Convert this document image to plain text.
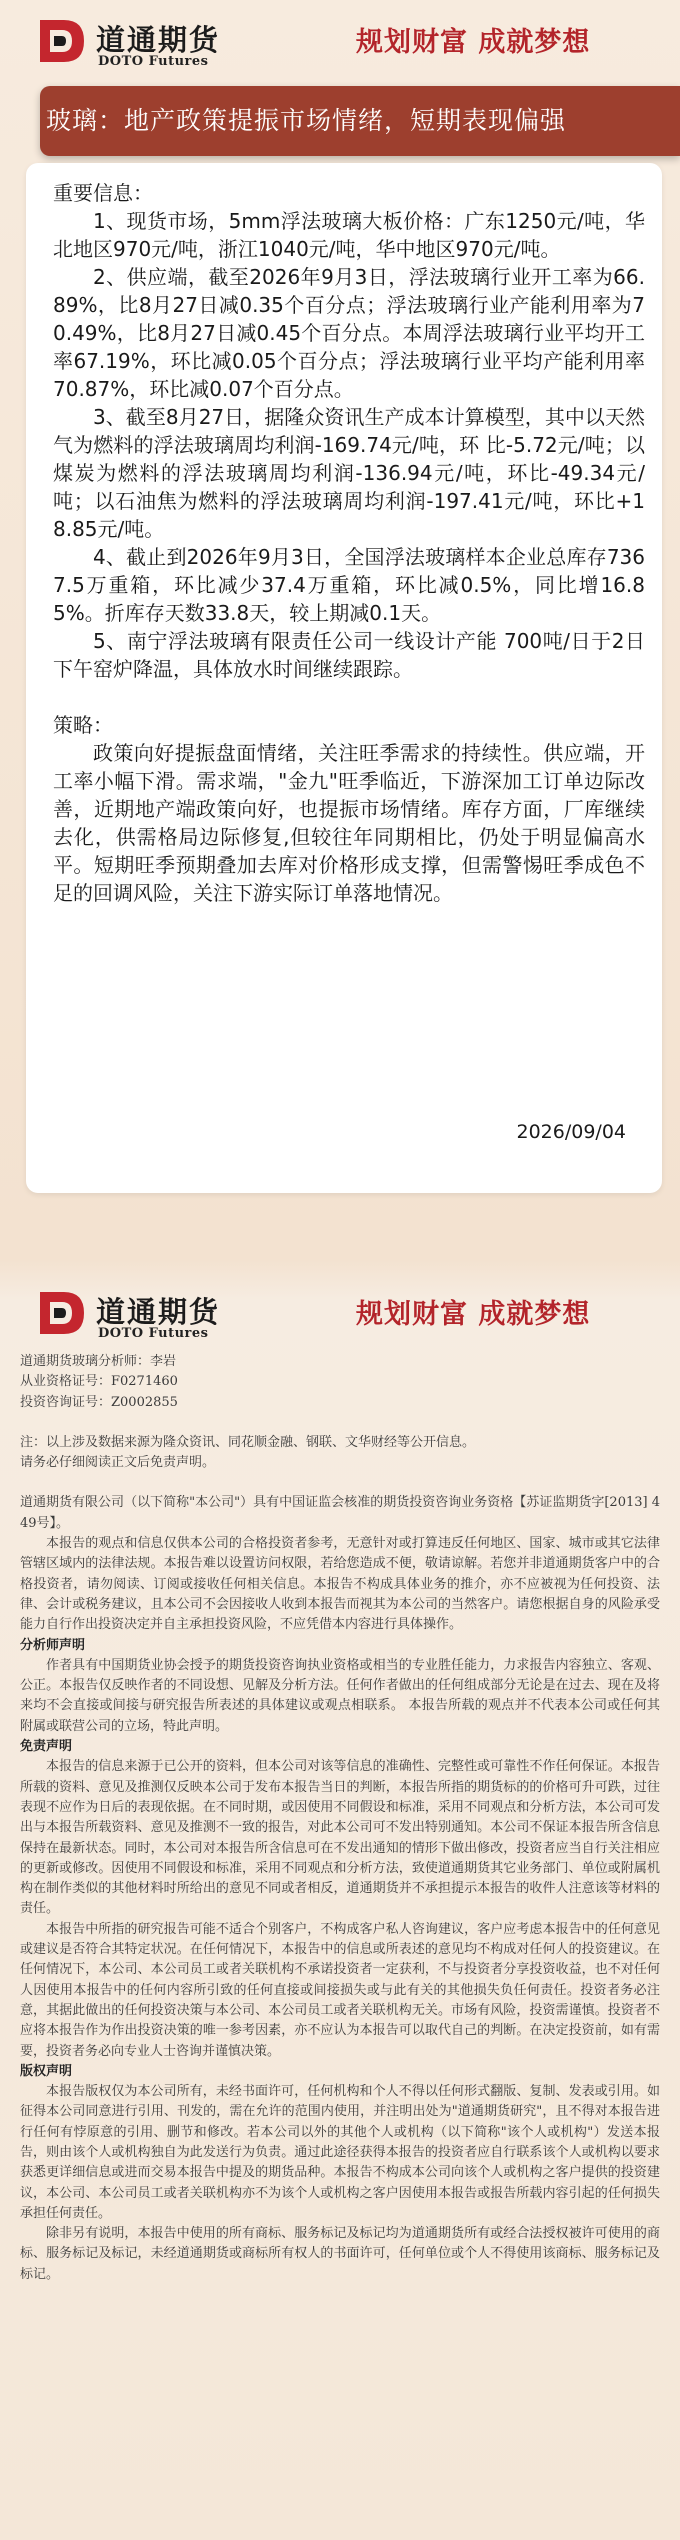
道通期货
DOTO Futures
规划财富 成就梦想
玻璃：地产政策提振市场情绪，短期表现偏强
重要信息：

1、现货市场，5mm浮法玻璃大板价格：广东1250元/吨，华北地区970元/吨，浙江1040元/吨，华中地区970元/吨。

2、供应端，截至2026年9月3日，浮法玻璃行业开工率为66.89%，比8月27日减0.35个百分点；浮法玻璃行业产能利用率为70.49%，比8月27日减0.45个百分点。本周浮法玻璃行业平均开工率67.19%，环比减0.05个百分点；浮法玻璃行业平均产能利用率70.87%，环比减0.07个百分点。

3、截至8月27日，据隆众资讯生产成本计算模型，其中以天然气为燃料的浮法玻璃周均利润-169.74元/吨，环 比-5.72元/吨；以煤炭为燃料的浮法玻璃周均利润-136.94元/吨，环比-49.34元/ 吨；以石油焦为燃料的浮法玻璃周均利润-197.41元/吨，环比+18.85元/吨。

4、截止到2026年9月3日，全国浮法玻璃样本企业总库存7367.5万重箱，环比减少37.4万重箱，环比减0.5%，同比增16.85%。折库存天数33.8天，较上期减0.1天。

5、南宁浮法玻璃有限责任公司一线设计产能 700吨/日于2日下午窑炉降温，具体放水时间继续跟踪。

策略：

政策向好提振盘面情绪，关注旺季需求的持续性。供应端，开工率小幅下滑。需求端，"金九"旺季临近，下游深加工订单边际改善，近期地产端政策向好，也提振市场情绪。库存方面，厂库继续去化，供需格局边际修复,但较往年同期相比，仍处于明显偏高水平。短期旺季预期叠加去库对价格形成支撑，但需警惕旺季成色不足的回调风险，关注下游实际订单落地情况。

2026/09/04
道通期货
DOTO Futures
规划财富 成就梦想
道通期货玻璃分析师：李岩
从业资格证号：F0271460
投资咨询证号：Z0002855
注：以上涉及数据来源为隆众资讯、同花顺金融、钢联、文华财经等公开信息。
请务必仔细阅读正文后免责声明。
道通期货有限公司（以下简称"本公司"）具有中国证监会核准的期货投资咨询业务资格【苏证监期货字[2013] 449号】。
本报告的观点和信息仅供本公司的合格投资者参考，无意针对或打算违反任何地区、国家、城市或其它法律管辖区域内的法律法规。本报告难以设置访问权限，若给您造成不便，敬请谅解。若您并非道通期货客户中的合格投资者，请勿阅读、订阅或接收任何相关信息。本报告不构成具体业务的推介，亦不应被视为任何投资、法律、会计或税务建议，且本公司不会因接收人收到本报告而视其为本公司的当然客户。请您根据自身的风险承受能力自行作出投资决定并自主承担投资风险，不应凭借本内容进行具体操作。
分析师声明
作者具有中国期货业协会授予的期货投资咨询执业资格或相当的专业胜任能力，力求报告内容独立、客观、公正。本报告仅反映作者的不同设想、见解及分析方法。任何作者做出的任何组成部分无论是在过去、现在及将来均不会直接或间接与研究报告所表述的具体建议或观点相联系。 本报告所载的观点并不代表本公司或任何其附属或联营公司的立场，特此声明。
免责声明
本报告的信息来源于已公开的资料，但本公司对该等信息的准确性、完整性或可靠性不作任何保证。本报告所载的资料、意见及推测仅反映本公司于发布本报告当日的判断，本报告所指的期货标的的价格可升可跌，过往表现不应作为日后的表现依据。在不同时期，或因使用不同假设和标准，采用不同观点和分析方法，本公司可发出与本报告所载资料、意见及推测不一致的报告，对此本公司可不发出特别通知。本公司不保证本报告所含信息保持在最新状态。同时，本公司对本报告所含信息可在不发出通知的情形下做出修改，投资者应当自行关注相应的更新或修改。因使用不同假设和标准，采用不同观点和分析方法，致使道通期货其它业务部门、单位或附属机构在制作类似的其他材料时所给出的意见不同或者相反，道通期货并不承担提示本报告的收件人注意该等材料的责任。
本报告中所指的研究报告可能不适合个别客户，不构成客户私人咨询建议，客户应考虑本报告中的任何意见或建议是否符合其特定状况。在任何情况下，本报告中的信息或所表述的意见均不构成对任何人的投资建议。在任何情况下，本公司、本公司员工或者关联机构不承诺投资者一定获利，不与投资者分享投资收益，也不对任何人因使用本报告中的任何内容所引致的任何直接或间接损失或与此有关的其他损失负任何责任。投资者务必注意，其据此做出的任何投资决策与本公司、本公司员工或者关联机构无关。市场有风险，投资需谨慎。投资者不应将本报告作为作出投资决策的唯一参考因素，亦不应认为本报告可以取代自己的判断。在决定投资前，如有需要，投资者务必向专业人士咨询并谨慎决策。
版权声明
本报告版权仅为本公司所有，未经书面许可，任何机构和个人不得以任何形式翻版、复制、发表或引用。如征得本公司同意进行引用、刊发的，需在允许的范围内使用，并注明出处为"道通期货研究"，且不得对本报告进行任何有悖原意的引用、删节和修改。若本公司以外的其他个人或机构（以下简称"该个人或机构"）发送本报告，则由该个人或机构独自为此发送行为负责。通过此途径获得本报告的投资者应自行联系该个人或机构以要求获悉更详细信息或进而交易本报告中提及的期货品种。本报告不构成本公司向该个人或机构之客户提供的投资建议，本公司、本公司员工或者关联机构亦不为该个人或机构之客户因使用本报告或报告所载内容引起的任何损失承担任何责任。
除非另有说明，本报告中使用的所有商标、服务标记及标记均为道通期货所有或经合法授权被许可使用的商标、服务标记及标记，未经道通期货或商标所有权人的书面许可，任何单位或个人不得使用该商标、服务标记及标记。
